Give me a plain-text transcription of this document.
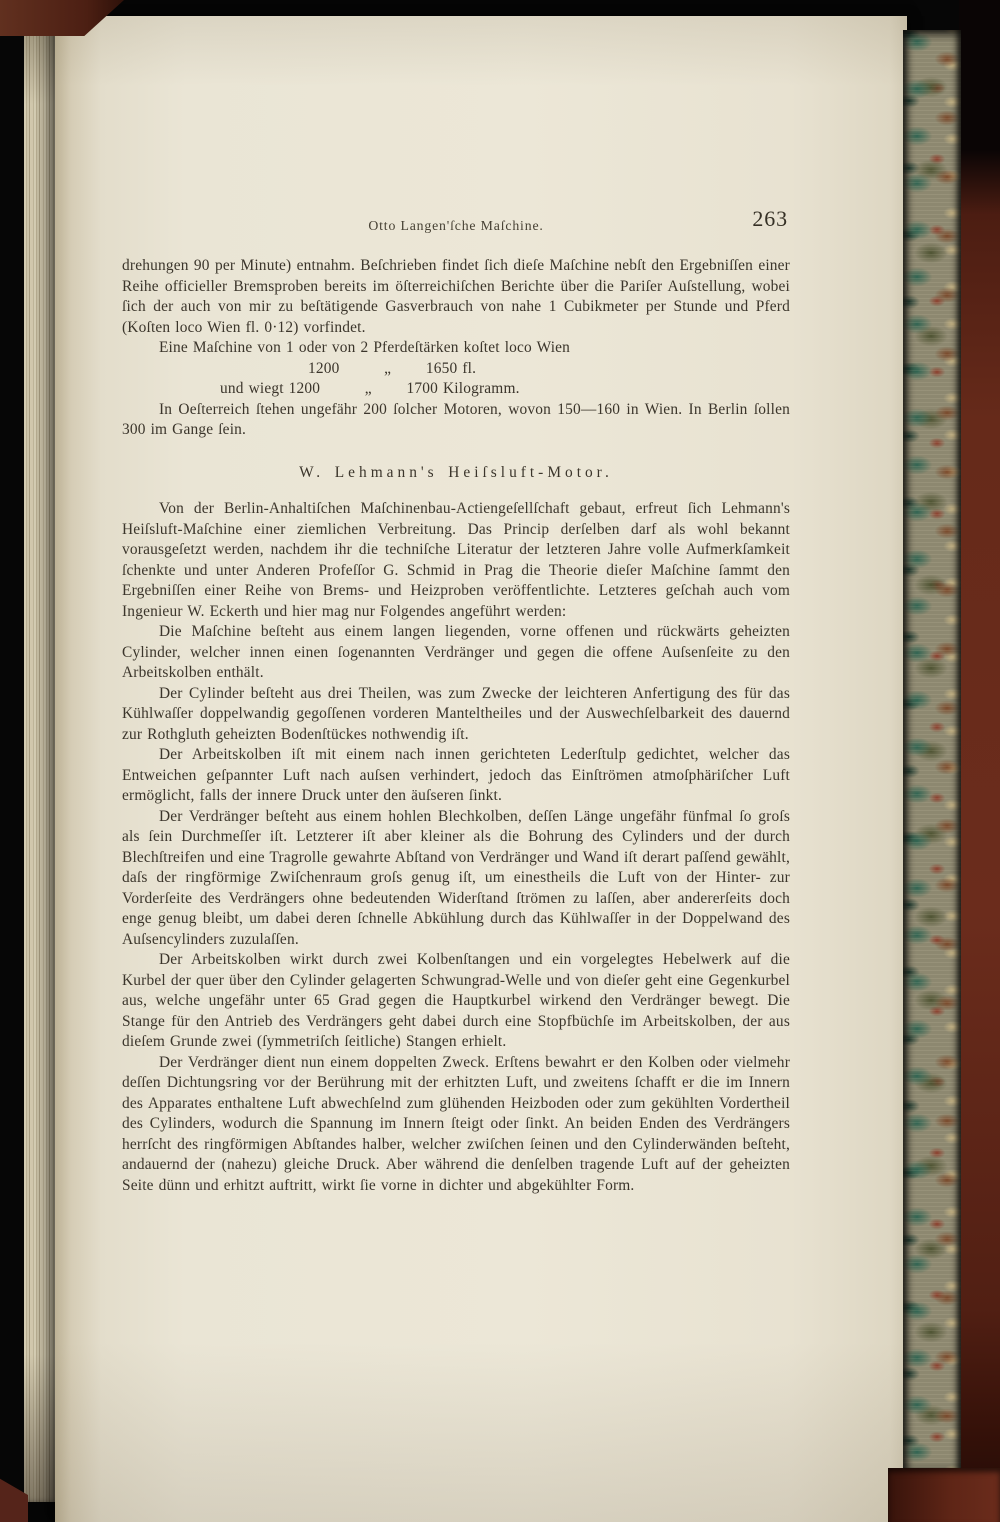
Otto Langen'ſche Maſchine.	263

drehungen 90 per Minute) entnahm. Beſchrieben findet ſich dieſe Maſchine nebſt den Ergebniſſen einer Reihe officieller Bremsproben bereits im öſterreichiſchen Berichte über die Pariſer Auſstellung, wobei ſich der auch von mir zu beſtätigende Gasverbrauch von nahe 1 Cubikmeter per Stunde und Pferd (Koſten loco Wien fl. 0·12) vorfindet.

Eine Maſchine von 1 oder von 2 Pferdeſtärken koſtet loco Wien

1200         „       1650 fl.

und wiegt 1200         „       1700 Kilogramm.

In Oeſterreich ſtehen ungefähr 200 ſolcher Motoren, wovon 150—160 in Wien. In Berlin ſollen 300 im Gange ſein.

W. Lehmann's Heiſsluft-Motor.

Von der Berlin-Anhaltiſchen Maſchinenbau-Actiengeſellſchaft gebaut, erfreut ſich Lehmann's Heiſsluft-Maſchine einer ziemlichen Verbreitung. Das Princip derſelben darf als wohl bekannt vorausgeſetzt werden, nachdem ihr die techniſche Literatur der letzteren Jahre volle Aufmerkſamkeit ſchenkte und unter Anderen Profeſſor G. Schmid in Prag die Theorie dieſer Maſchine ſammt den Ergebniſſen einer Reihe von Brems- und Heizproben veröffentlichte. Letzteres geſchah auch vom Ingenieur W. Eckerth und hier mag nur Folgendes angeführt werden:

Die Maſchine beſteht aus einem langen liegenden, vorne offenen und rückwärts geheizten Cylinder, welcher innen einen ſogenannten Verdränger und gegen die offene Auſsenſeite zu den Arbeitskolben enthält.

Der Cylinder beſteht aus drei Theilen, was zum Zwecke der leichteren Anfertigung des für das Kühlwaſſer doppelwandig gegoſſenen vorderen Manteltheiles und der Auswechſelbarkeit des dauernd zur Rothgluth geheizten Bodenſtückes nothwendig iſt.

Der Arbeitskolben iſt mit einem nach innen gerichteten Lederſtulp gedichtet, welcher das Entweichen geſpannter Luft nach auſsen verhindert, jedoch das Einſtrömen atmoſphäriſcher Luft ermöglicht, falls der innere Druck unter den äuſseren ſinkt.

Der Verdränger beſteht aus einem hohlen Blechkolben, deſſen Länge ungefähr fünfmal ſo groſs als ſein Durchmeſſer iſt. Letzterer iſt aber kleiner als die Bohrung des Cylinders und der durch Blechſtreifen und eine Tragrolle gewahrte Abſtand von Verdränger und Wand iſt derart paſſend gewählt, daſs der ringförmige Zwiſchenraum groſs genug iſt, um einestheils die Luft von der Hinter- zur Vorderſeite des Verdrängers ohne bedeutenden Widerſtand ſtrömen zu laſſen, aber andererſeits doch enge genug bleibt, um dabei deren ſchnelle Abkühlung durch das Kühlwaſſer in der Doppelwand des Auſsencylinders zuzulaſſen.

Der Arbeitskolben wirkt durch zwei Kolbenſtangen und ein vorgelegtes Hebelwerk auf die Kurbel der quer über den Cylinder gelagerten Schwungrad-Welle und von dieſer geht eine Gegenkurbel aus, welche ungefähr unter 65 Grad gegen die Hauptkurbel wirkend den Verdränger bewegt. Die Stange für den Antrieb des Verdrängers geht dabei durch eine Stopfbüchſe im Arbeitskolben, der aus dieſem Grunde zwei (ſymmetriſch ſeitliche) Stangen erhielt.

Der Verdränger dient nun einem doppelten Zweck. Erſtens bewahrt er den Kolben oder vielmehr deſſen Dichtungsring vor der Berührung mit der erhitzten Luft, und zweitens ſchafft er die im Innern des Apparates enthaltene Luft abwechſelnd zum glühenden Heizboden oder zum gekühlten Vordertheil des Cylinders, wodurch die Spannung im Innern ſteigt oder ſinkt. An beiden Enden des Verdrängers herrſcht des ringförmigen Abſtandes halber, welcher zwiſchen ſeinen und den Cylinderwänden beſteht, andauernd der (nahezu) gleiche Druck. Aber während die denſelben tragende Luft auf der geheizten Seite dünn und erhitzt auftritt, wirkt ſie vorne in dichter und abgekühlter Form.
